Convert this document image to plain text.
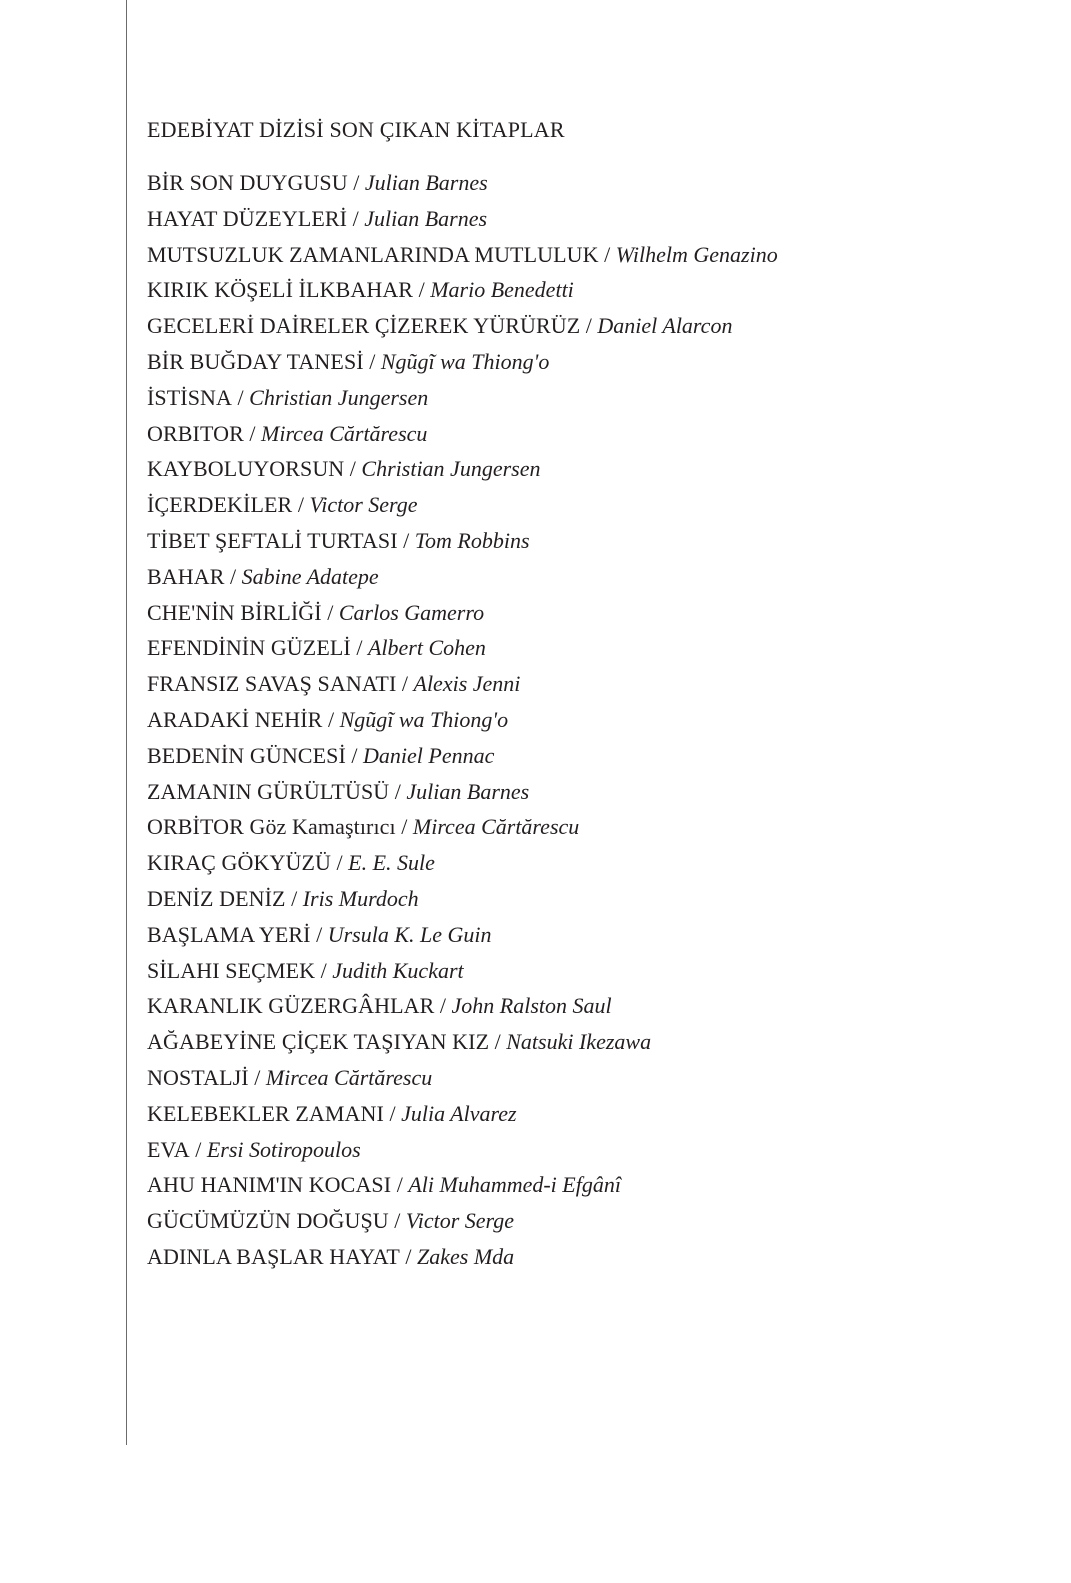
EDEBİYAT DİZİSİ SON ÇIKAN KİTAPLAR
BİR SON DUYGUSU / Julian Barnes
HAYAT DÜZEYLERİ / Julian Barnes
MUTSUZLUK ZAMANLARINDA MUTLULUK / Wilhelm Genazino
KIRIK KÖŞELİ İLKBAHAR / Mario Benedetti
GECELERİ DAİRELER ÇİZEREK YÜRÜRÜZ / Daniel Alarcon
BİR BUĞDAY TANESİ / Ngũgĩ wa Thiong'o
İSTİSNA / Christian Jungersen
ORBITOR / Mircea Cărtărescu
KAYBOLUYORSUN / Christian Jungersen
İÇERDEKİLER / Victor Serge
TİBET ŞEFTALİ TURTASI / Tom Robbins
BAHAR / Sabine Adatepe
CHE'NİN BİRLİĞİ / Carlos Gamerro
EFENDİNİN GÜZELİ / Albert Cohen
FRANSIZ SAVAŞ SANATI / Alexis Jenni
ARADAKİ NEHİR / Ngũgĩ wa Thiong'o
BEDENİN GÜNCESİ / Daniel Pennac
ZAMANIN GÜRÜLTÜSÜ / Julian Barnes
ORBİTOR Göz Kamaştırıcı / Mircea Cărtărescu
KIRAÇ GÖKYÜZÜ / E. E. Sule
DENİZ DENİZ / Iris Murdoch
BAŞLAMA YERİ / Ursula K. Le Guin
SİLAHI SEÇMEK / Judith Kuckart
KARANLIK GÜZERGÂHLAR / John Ralston Saul
AĞABEYİNE ÇİÇEK TAŞIYAN KIZ / Natsuki Ikezawa
NOSTALJİ / Mircea Cărtărescu
KELEBEKLER ZAMANI / Julia Alvarez
EVA / Ersi Sotiropoulos
AHU HANIM'IN KOCASI / Ali Muhammed-i Efgânî
GÜCÜMÜZÜN DOĞUŞU / Victor Serge
ADINLA BAŞLAR HAYAT / Zakes Mda
